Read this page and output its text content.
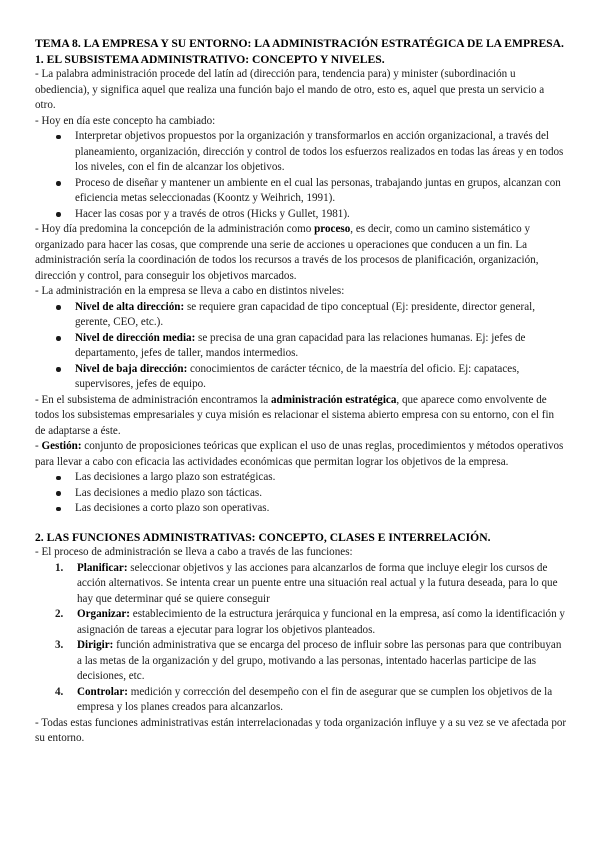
TEMA 8. LA EMPRESA Y SU ENTORNO: LA ADMINISTRACIÓN ESTRATÉGICA DE LA EMPRESA.
1. EL SUBSISTEMA ADMINISTRATIVO: CONCEPTO Y NIVELES.

- La palabra administración procede del latín ad (dirección para, tendencia para) y minister (subordinación u obediencia), y significa aquel que realiza una función bajo el mando de otro, esto es, aquel que presta un servicio a otro.

- Hoy en día este concepto ha cambiado:

Interpretar objetivos propuestos por la organización y transformarlos en acción organizacional, a través del planeamiento, organización, dirección y control de todos los esfuerzos realizados en todas las áreas y en todos los niveles, con el fin de alcanzar los objetivos.
Proceso de diseñar y mantener un ambiente en el cual las personas, trabajando juntas en grupos, alcanzan con eficiencia metas seleccionadas (Koontz y Weihrich, 1991).
Hacer las cosas por y a través de otros (Hicks y Gullet, 1981).

- Hoy día predomina la concepción de la administración como proceso, es decir, como un camino sistemático y organizado para hacer las cosas, que comprende una serie de acciones u operaciones que conducen a un fin. La administración sería la coordinación de todos los recursos a través de los procesos de planificación, organización, dirección y control, para conseguir los objetivos marcados.

- La administración en la empresa se lleva a cabo en distintos niveles:

Nivel de alta dirección: se requiere gran capacidad de tipo conceptual (Ej: presidente, director general, gerente, CEO, etc.).
Nivel de dirección media: se precisa de una gran capacidad para las relaciones humanas. Ej: jefes de departamento, jefes de taller, mandos intermedios.
Nivel de baja dirección: conocimientos de carácter técnico, de la maestría del oficio. Ej: capataces, supervisores, jefes de equipo.

- En el subsistema de administración encontramos la administración estratégica, que aparece como envolvente de todos los subsistemas empresariales y cuya misión es relacionar el sistema abierto empresa con su entorno, con el fin de adaptarse a éste.

- Gestión: conjunto de proposiciones teóricas que explican el uso de unas reglas, procedimientos y métodos operativos para llevar a cabo con eficacia las actividades económicas que permitan lograr los objetivos de la empresa.

Las decisiones a largo plazo son estratégicas.
Las decisiones a medio plazo son tácticas.
Las decisiones a corto plazo son operativas.
2. LAS FUNCIONES ADMINISTRATIVAS: CONCEPTO, CLASES E INTERRELACIÓN.

- El proceso de administración se lleva a cabo a través de las funciones:

1. Planificar: seleccionar objetivos y las acciones para alcanzarlos de forma que incluye elegir los cursos de acción alternativos. Se intenta crear un puente entre una situación real actual y la futura deseada, para lo que hay que determinar qué se quiere conseguir
2. Organizar: establecimiento de la estructura jerárquica y funcional en la empresa, así como la identificación y asignación de tareas a ejecutar para lograr los objetivos planteados.
3. Dirigir: función administrativa que se encarga del proceso de influir sobre las personas para que contribuyan a las metas de la organización y del grupo, motivando a las personas, intentado hacerlas participe de las decisiones, etc.
4. Controlar: medición y corrección del desempeño con el fin de asegurar que se cumplen los objetivos de la empresa y los planes creados para alcanzarlos.

- Todas estas funciones administrativas están interrelacionadas y toda organización influye y a su vez se ve afectada por su entorno.
